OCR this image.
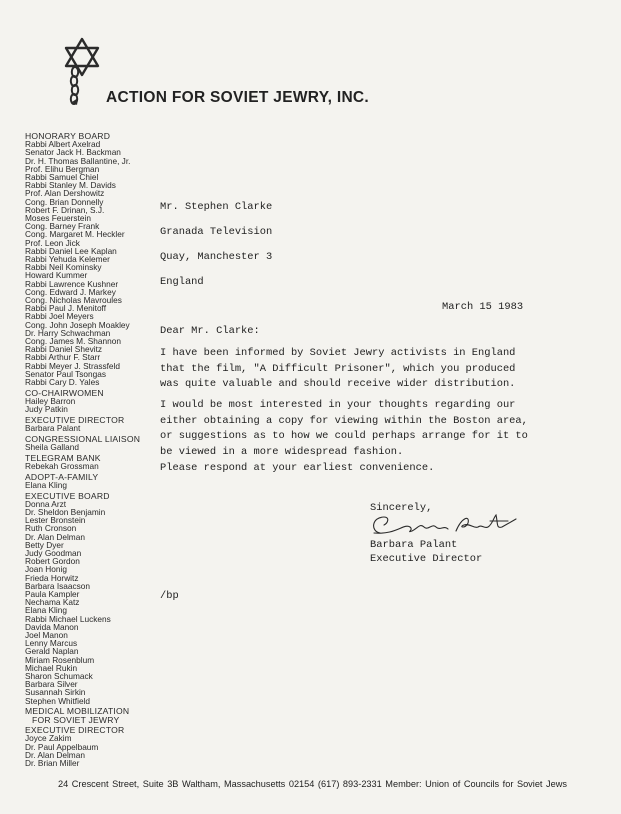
ACTION FOR SOVIET JEWRY, INC.
HONORARY BOARD
Rabbi Albert Axelrad
Senator Jack H. Backman
Dr. H. Thomas Ballantine, Jr.
Prof. Elihu Bergman
Rabbi Samuel Chiel
Rabbi Stanley M. Davids
Prof. Alan Dershowitz
Cong. Brian Donnelly
Robert F. Drinan, S.J.
Moses Feuerstein
Cong. Barney Frank
Cong. Margaret M. Heckler
Prof. Leon Jick
Rabbi Daniel Lee Kaplan
Rabbi Yehuda Kelemer
Rabbi Neil Kominsky
Howard Kummer
Rabbi Lawrence Kushner
Cong. Edward J. Markey
Cong. Nicholas Mavroules
Rabbi Paul J. Menitoff
Rabbi Joel Meyers
Cong. John Joseph Moakley
Dr. Harry Schwachman
Cong. James M. Shannon
Rabbi Daniel Shevitz
Rabbi Arthur F. Starr
Rabbi Meyer J. Strassfeld
Senator Paul Tsongas
Rabbi Cary D. Yales
CO-CHAIRWOMEN
Hailey Barron
Judy Patkin
EXECUTIVE DIRECTOR
Barbara Palant
CONGRESSIONAL LIAISON
Sheila Galland
TELEGRAM BANK
Rebekah Grossman
ADOPT-A-FAMILY
Elana Kling
EXECUTIVE BOARD
Donna Arzt
Dr. Sheldon Benjamin
Lester Bronstein
Ruth Cronson
Dr. Alan Delman
Betty Dyer
Judy Goodman
Robert Gordon
Joan Honig
Frieda Horwitz
Barbara Isaacson
Paula Kampler
Nechama Katz
Elana Kling
Rabbi Michael Luckens
Davida Manon
Joel Manon
Lenny Marcus
Gerald Naplan
Miriam Rosenblum
Michael Rukin
Sharon Schumack
Barbara Silver
Susannah Sirkin
Stephen Whitfield
MEDICAL MOBILIZATION
FOR SOVIET JEWRY
EXECUTIVE DIRECTOR
Joyce Zakim
Dr. Paul Appelbaum
Dr. Alan Delman
Dr. Brian Miller
Mr. Stephen Clarke
Granada Television
Quay, Manchester 3
England
March 15 1983
Dear Mr. Clarke:
I have been informed by Soviet Jewry activists in England
that the film, "A Difficult Prisoner", which you produced
was quite valuable and should receive wider distribution.
I would be most interested in your thoughts regarding our
either obtaining a copy for viewing within the Boston area,
or suggestions as to how we could perhaps arrange for it to
be viewed in a more widespread fashion.
Please respond at your earliest convenience.
Sincerely,
Barbara Palant
Executive Director
/bp
24 Crescent Street, Suite 3B Waltham, Massachusetts 02154 (617) 893-2331 Member: Union of Councils for Soviet Jews
